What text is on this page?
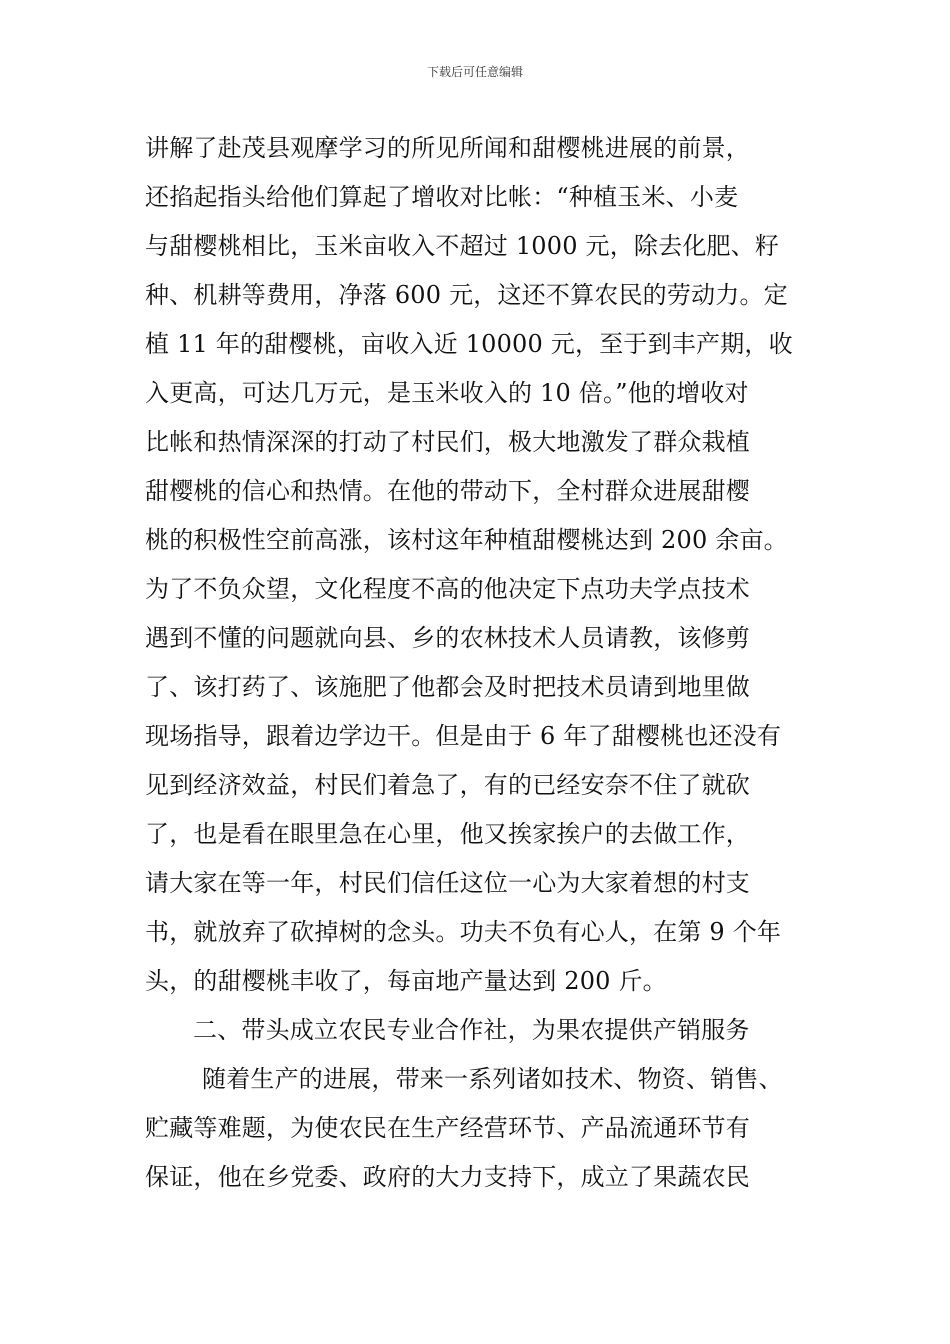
下载后可任意编辑
讲解了赴茂县观摩学习的所见所闻和甜樱桃进展的前景，
还掐起指头给他们算起了增收对比帐：“种植玉米、小麦
与甜樱桃相比，玉米亩收入不超过 1000 元，除去化肥、籽
种、机耕等费用，净落 600 元，这还不算农民的劳动力。定
植 11 年的甜樱桃，亩收入近 10000 元，至于到丰产期，收
入更高，可达几万元，是玉米收入的 10 倍。”他的增收对
比帐和热情深深的打动了村民们，极大地激发了群众栽植
甜樱桃的信心和热情。在他的带动下，全村群众进展甜樱
桃的积极性空前高涨，该村这年种植甜樱桃达到 200 余亩。
为了不负众望，文化程度不高的他决定下点功夫学点技术
遇到不懂的问题就向县、乡的农林技术人员请教，该修剪
了、该打药了、该施肥了他都会及时把技术员请到地里做
现场指导，跟着边学边干。但是由于 6 年了甜樱桃也还没有
见到经济效益，村民们着急了，有的已经安奈不住了就砍
了，也是看在眼里急在心里，他又挨家挨户的去做工作，
请大家在等一年，村民们信任这位一心为大家着想的村支
书，就放弃了砍掉树的念头。功夫不负有心人，在第 9 个年
头，的甜樱桃丰收了，每亩地产量达到 200 斤。
二、带头成立农民专业合作社，为果农提供产销服务
随着生产的进展，带来一系列诸如技术、物资、销售、
贮藏等难题，为使农民在生产经营环节、产品流通环节有
保证，他在乡党委、政府的大力支持下，成立了果蔬农民
